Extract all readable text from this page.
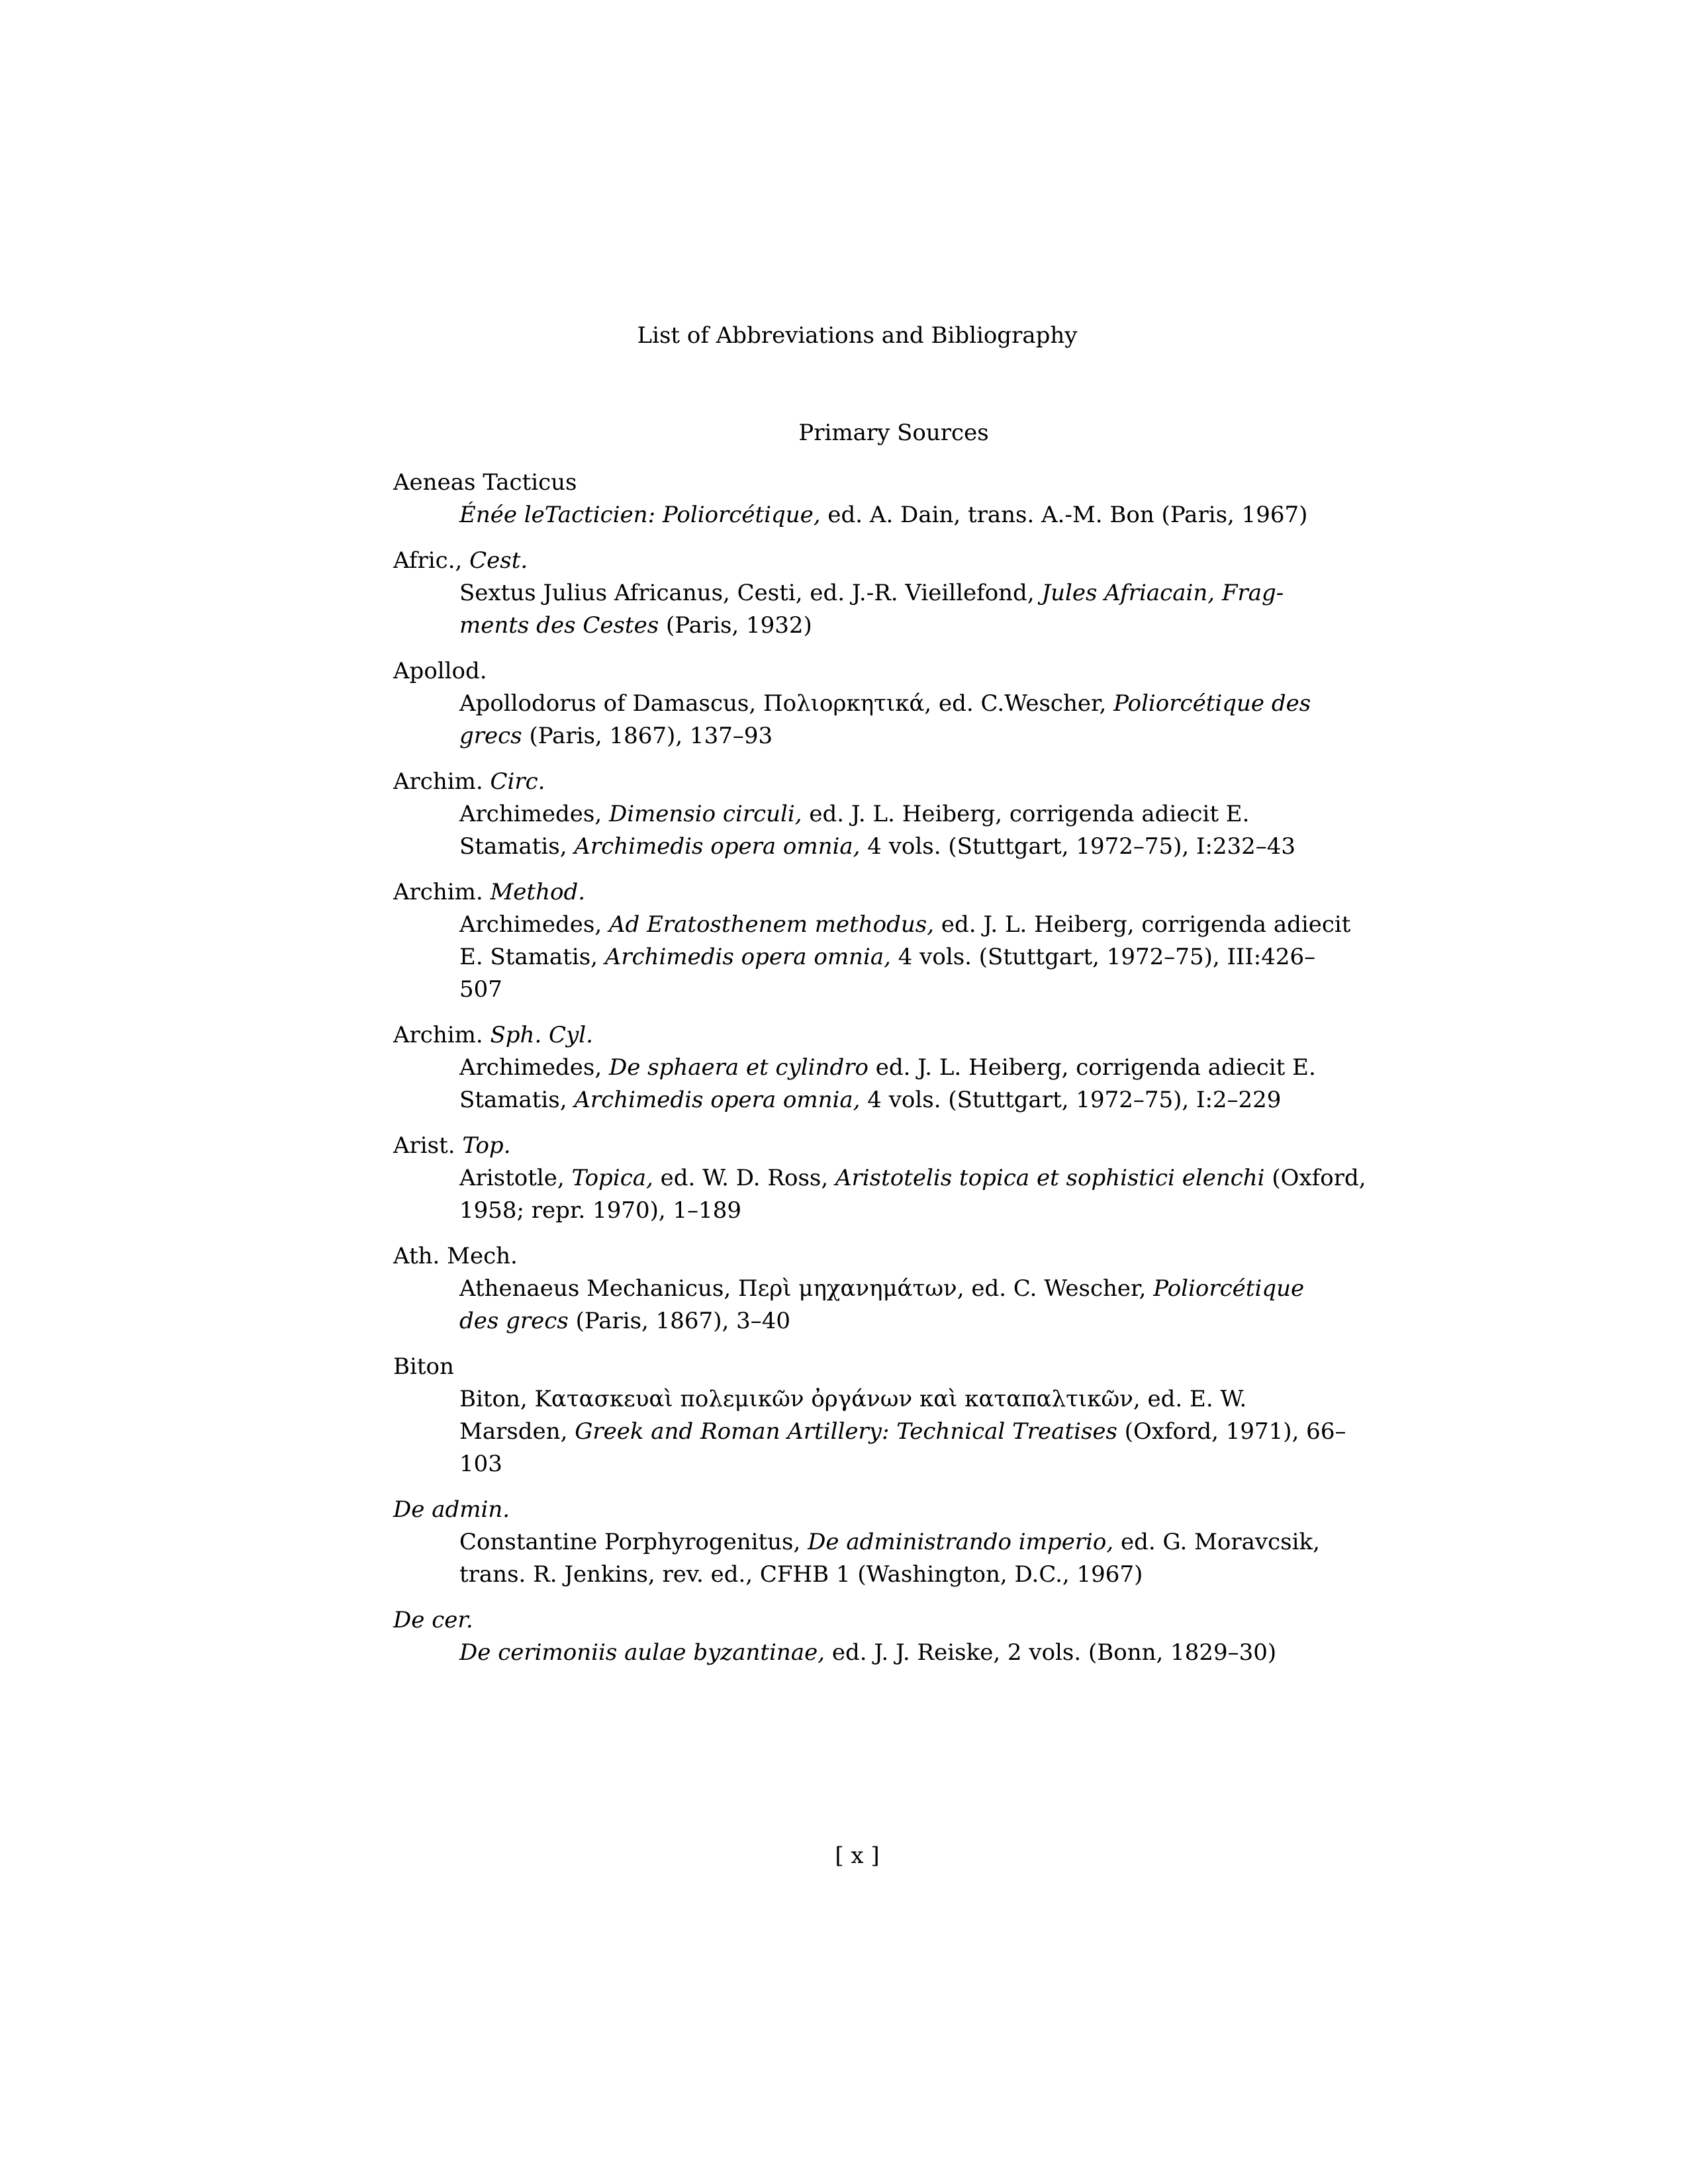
List of Abbreviations and Bibliography
Primary Sources
Aeneas Tacticus
Énée leTacticien: Poliorcétique, ed. A. Dain, trans. A.-M. Bon (Paris, 1967)
Afric., Cest.
Sextus Julius Africanus, Cesti, ed. J.-R. Vieillefond, Jules Afriacain, Frag-
ments des Cestes (Paris, 1932)
Apollod.
Apollodorus of Damascus, Πολιορκητικά, ed. C.Wescher, Poliorcétique des
grecs (Paris, 1867), 137–93
Archim. Circ.
Archimedes, Dimensio circuli, ed. J. L. Heiberg, corrigenda adiecit E.
Stamatis, Archimedis opera omnia, 4 vols. (Stuttgart, 1972–75), I:232–43
Archim. Method.
Archimedes, Ad Eratosthenem methodus, ed. J. L. Heiberg, corrigenda adiecit
E. Stamatis, Archimedis opera omnia, 4 vols. (Stuttgart, 1972–75), III:426–
507
Archim. Sph. Cyl.
Archimedes, De sphaera et cylindro ed. J. L. Heiberg, corrigenda adiecit E.
Stamatis, Archimedis opera omnia, 4 vols. (Stuttgart, 1972–75), I:2–229
Arist. Top.
Aristotle, Topica, ed. W. D. Ross, Aristotelis topica et sophistici elenchi (Oxford,
1958; repr. 1970), 1–189
Ath. Mech.
Athenaeus Mechanicus, Περὶ μηχανημάτων, ed. C. Wescher, Poliorcétique
des grecs (Paris, 1867), 3–40
Biton
Biton, Κατασκευαὶ πολεμικῶν ὀργάνων καὶ καταπαλτικῶν, ed. E. W.
Marsden, Greek and Roman Artillery: Technical Treatises (Oxford, 1971), 66–
103
De admin.
Constantine Porphyrogenitus, De administrando imperio, ed. G. Moravcsik,
trans. R. Jenkins, rev. ed., CFHB 1 (Washington, D.C., 1967)
De cer.
De cerimoniis aulae byzantinae, ed. J. J. Reiske, 2 vols. (Bonn, 1829–30)
[ x ]
